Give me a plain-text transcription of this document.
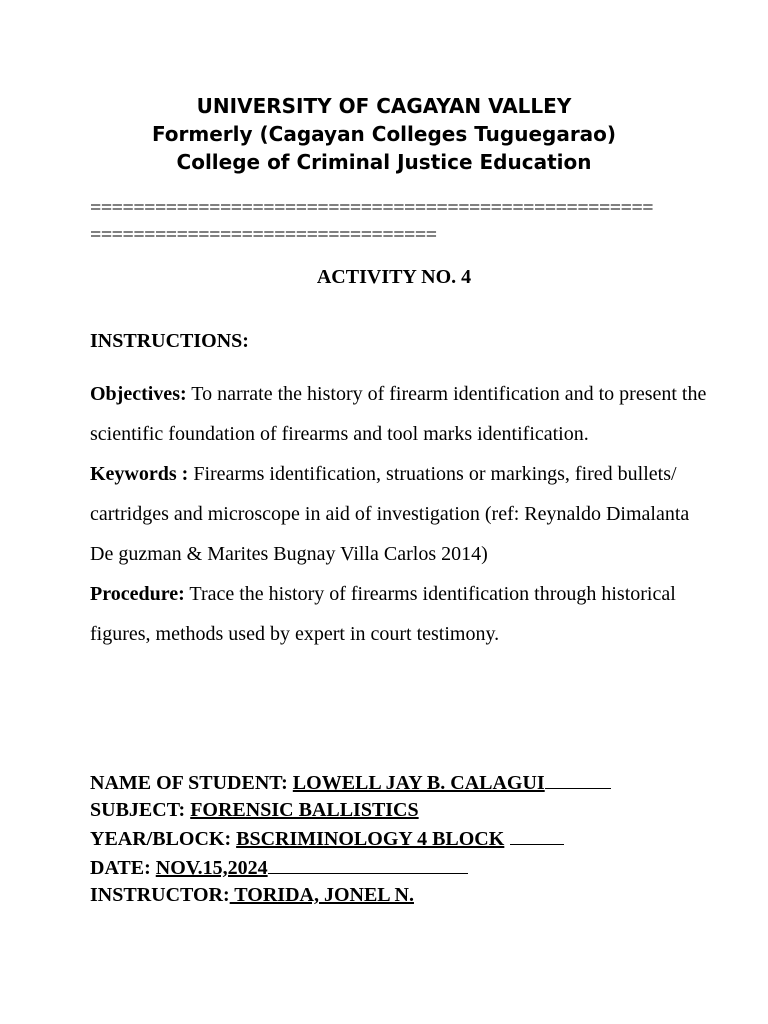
UNIVERSITY OF CAGAYAN VALLEY
Formerly (Cagayan Colleges Tuguegarao)
College of Criminal Justice Education
====================================================
================================
ACTIVITY NO. 4
INSTRUCTIONS:

Objectives: To narrate the history of firearm identification and to present the scientific foundation of firearms and tool marks identification.

Keywords : Firearms identification, struations or markings, fired bullets/ cartridges and microscope in aid of investigation (ref: Reynaldo Dimalanta De guzman & Marites Bugnay Villa Carlos 2014)

Procedure: Trace the history of firearms identification through historical figures, methods used by expert in court testimony.

NAME OF STUDENT: LOWELL JAY B. CALAGUI
SUBJECT: FORENSIC BALLISTICS
YEAR/BLOCK: BSCRIMINOLOGY 4 BLOCK
DATE: NOV.15,2024
INSTRUCTOR: TORIDA, JONEL N.
